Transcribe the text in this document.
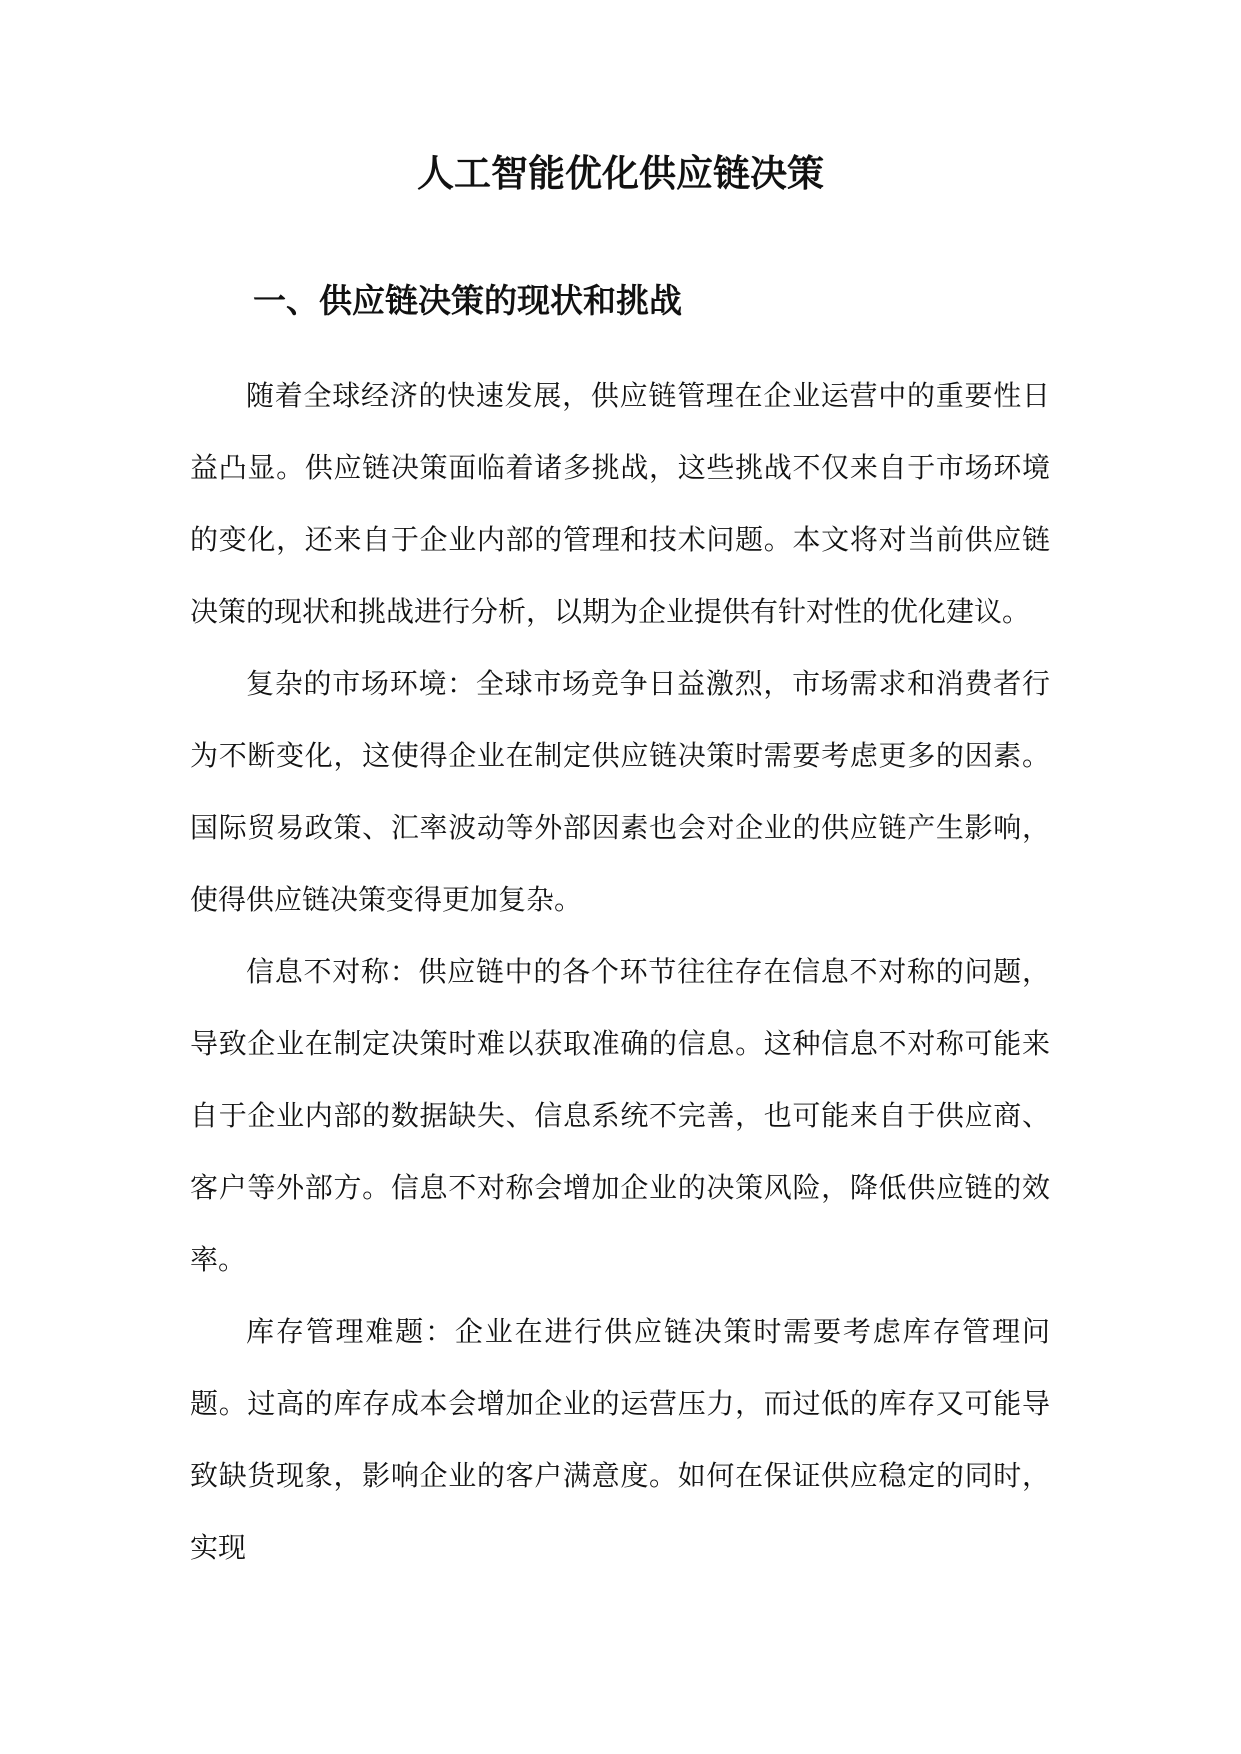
人工智能优化供应链决策
一、供应链决策的现状和挑战

随着全球经济的快速发展，供应链管理在企业运营中的重要性日益凸显。供应链决策面临着诸多挑战，这些挑战不仅来自于市场环境的变化，还来自于企业内部的管理和技术问题。本文将对当前供应链决策的现状和挑战进行分析，以期为企业提供有针对性的优化建议。

复杂的市场环境：全球市场竞争日益激烈，市场需求和消费者行为不断变化，这使得企业在制定供应链决策时需要考虑更多的因素。国际贸易政策、汇率波动等外部因素也会对企业的供应链产生影响，使得供应链决策变得更加复杂。

信息不对称：供应链中的各个环节往往存在信息不对称的问题，导致企业在制定决策时难以获取准确的信息。这种信息不对称可能来自于企业内部的数据缺失、信息系统不完善，也可能来自于供应商、客户等外部方。信息不对称会增加企业的决策风险，降低供应链的效率。

库存管理难题：企业在进行供应链决策时需要考虑库存管理问题。过高的库存成本会增加企业的运营压力，而过低的库存又可能导致缺货现象，影响企业的客户满意度。如何在保证供应稳定的同时，实现
